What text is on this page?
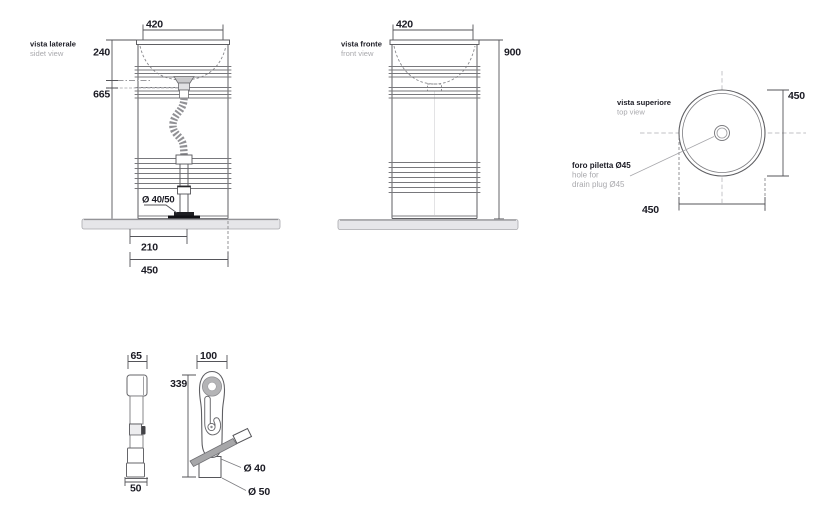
vista laterale
sidet view
420
Ø 40/50
240
665
210
450
vista fronte
front view
420
900
vista superiore
top view
450
450
foro piletta Ø45
hole for
drain plug Ø45
65
50
100
339
Ø 40
Ø 50
